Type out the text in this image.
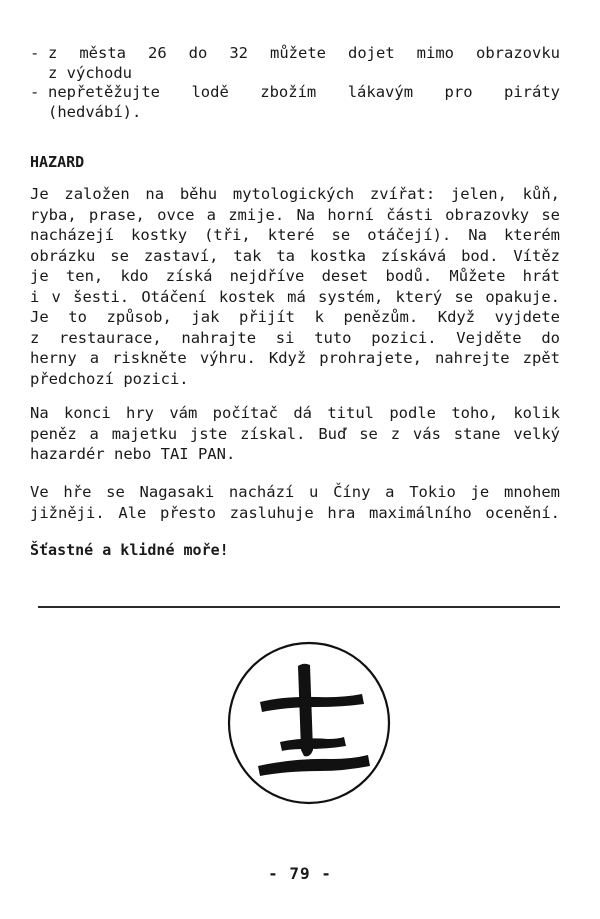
- z města 26 do 32 můžete dojet mimo obrazovku
z východu
- nepřetěžujte lodě zbožím lákavým pro piráty
(hedvábí).
HAZARD
Je založen na běhu mytologických zvířat: jelen, kůň,
ryba, prase, ovce a zmije. Na horní části obrazovky se
nacházejí kostky (tři, které se otáčejí). Na kterém
obrázku se zastaví, tak ta kostka získává bod. Vítěz
je ten, kdo získá nejdříve deset bodů. Můžete hrát
i v šesti. Otáčení kostek má systém, který se opakuje.
Je to způsob, jak přijít k penězům. Když vyjdete
z restaurace, nahrajte si tuto pozici. Vejděte do
herny a riskněte výhru. Když prohrajete, nahrejte zpět
předchozí pozici.
Na konci hry vám počítač dá titul podle toho, kolik
peněz a majetku jste získal. Buď se z vás stane velký
hazardér nebo TAI PAN.
Ve hře se Nagasaki nachází u Číny a Tokio je mnohem
jižněji. Ale přesto zasluhuje hra maximálního ocenění.
Šťastné a klidné moře!
- 79 -
